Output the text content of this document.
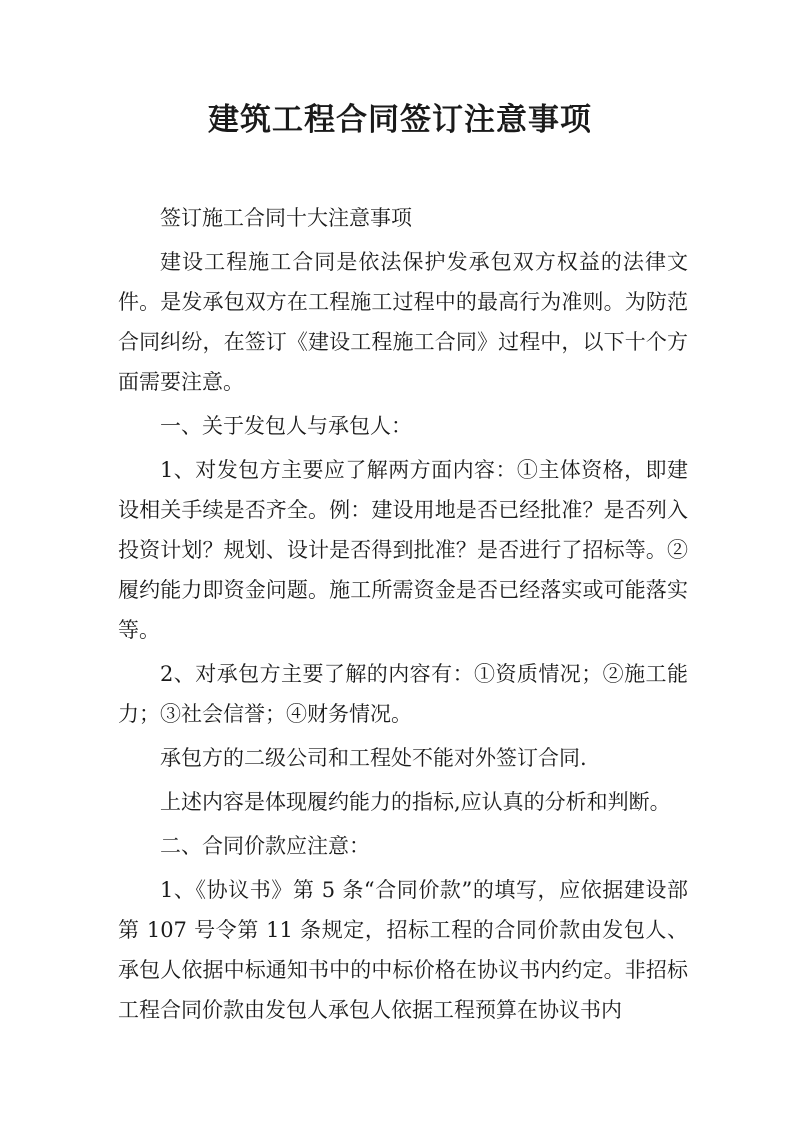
建筑工程合同签订注意事项

签订施工合同十大注意事项

建设工程施工合同是依法保护发承包双方权益的法律文件。是发承包双方在工程施工过程中的最高行为准则。为防范合同纠纷，在签订《建设工程施工合同》过程中，以下十个方面需要注意。

一、关于发包人与承包人：

1、对发包方主要应了解两方面内容：①主体资格，即建设相关手续是否齐全。例：建设用地是否已经批准？是否列入投资计划？规划、设计是否得到批准？是否进行了招标等。②履约能力即资金问题。施工所需资金是否已经落实或可能落实等。

2、对承包方主要了解的内容有：①资质情况；②施工能力；③社会信誉；④财务情况。

承包方的二级公司和工程处不能对外签订合同.

上述内容是体现履约能力的指标,应认真的分析和判断。

二、合同价款应注意：

1、《协议书》第 5 条“合同价款”的填写，应依据建设部第 107 号令第 11 条规定，招标工程的合同价款由发包人、承包人依据中标通知书中的中标价格在协议书内约定。非招标工程合同价款由发包人承包人依据工程预算在协议书内
